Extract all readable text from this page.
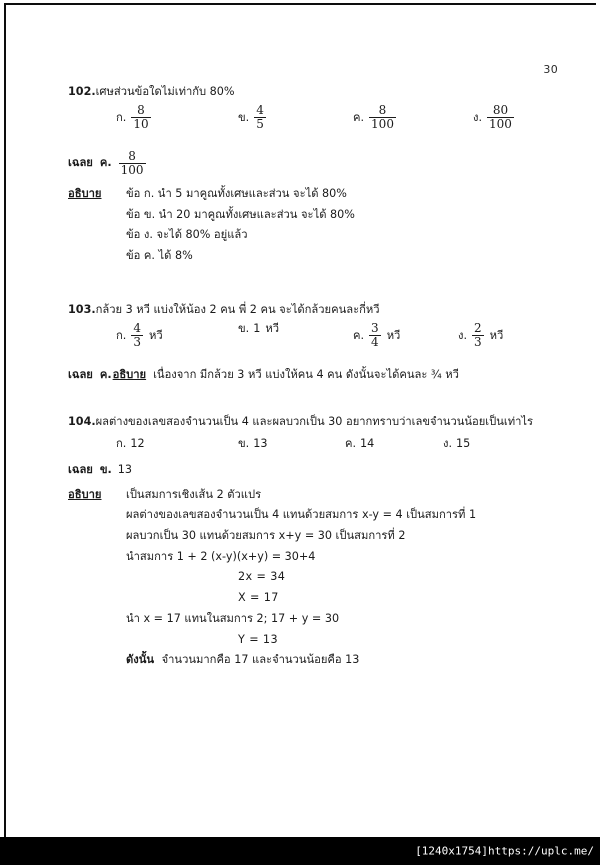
30
102.เศษส่วนข้อใดไม่เท่ากับ 80%
ก. $\frac{8}{10}$	ข. $\frac{4}{5}$	ค. $\frac{8}{100}$	ง. $\frac{80}{100}$
เฉลย ค. $\frac{8}{100}$
อธิบาย	ข้อ ก. นำ 5 มาคูณทั้งเศษและส่วน จะได้ 80%
ข้อ ข. นำ 20 มาคูณทั้งเศษและส่วน จะได้ 80%
ข้อ ง. จะได้ 80% อยู่แล้ว
ข้อ ค. ได้ 8%
103.กล้วย 3 หวี แบ่งให้น้อง 2 คน พี่ 2 คน จะได้กล้วยคนละกี่หวี
ก. $\frac{4}{3}$ หวี	ข. 1 หวี	ค. $\frac{3}{4}$ หวี	ง. $\frac{2}{3}$ หวี
เฉลย ค. อธิบาย เนื่องจาก มีกล้วย 3 หวี แบ่งให้คน 4 คน ดังนั้นจะได้คนละ ¾ หวี
104.ผลต่างของเลขสองจำนวนเป็น 4 และผลบวกเป็น 30 อยากทราบว่าเลขจำนวนน้อยเป็นเท่าไร
ก. 12	ข. 13	ค. 14	ง. 15
เฉลย ข. 13
อธิบาย	เป็นสมการเชิงเส้น 2 ตัวแปร
ผลต่างของเลขสองจำนวนเป็น 4 แทนด้วยสมการ x-y = 4 เป็นสมการที่ 1
ผลบวกเป็น 30 แทนด้วยสมการ x+y = 30 เป็นสมการที่ 2
นำสมการ 1 + 2 (x-y)(x+y) = 30+4
2x = 34
X = 17
นำ x = 17 แทนในสมการ 2; 17 + y = 30
Y = 13
ดังนั้น จำนวนมากคือ 17 และจำนวนน้อยคือ 13
[1240x1754]https://uplc.me/
